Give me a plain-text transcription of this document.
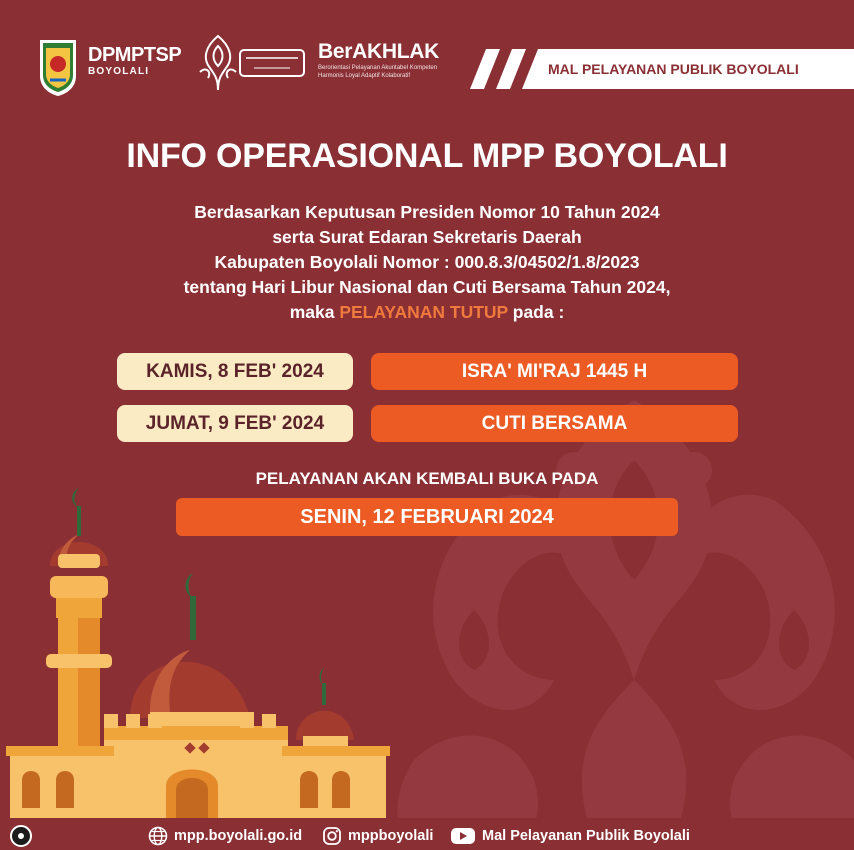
DPMPTSP
BOYOLALI
BerAKHLAK
Berorientasi Pelayanan Akuntabel Kompeten
Harmonis Loyal Adaptif Kolaboratif	MAL PELAYANAN PUBLIK BOYOLALI
INFO OPERASIONAL MPP BOYOLALI
Berdasarkan Keputusan Presiden Nomor 10 Tahun 2024
serta Surat Edaran Sekretaris Daerah
Kabupaten Boyolali Nomor : 000.8.3/04502/1.8/2023
tentang Hari Libur Nasional dan Cuti Bersama Tahun 2024,
maka PELAYANAN TUTUP pada :
KAMIS, 8 FEB' 2024	ISRA' MI'RAJ 1445 H
JUMAT, 9 FEB' 2024	CUTI BERSAMA
PELAYANAN AKAN KEMBALI BUKA PADA
SENIN, 12 FEBRUARI 2024
mpp.boyolali.go.id	mppboyolali	Mal Pelayanan Publik Boyolali
